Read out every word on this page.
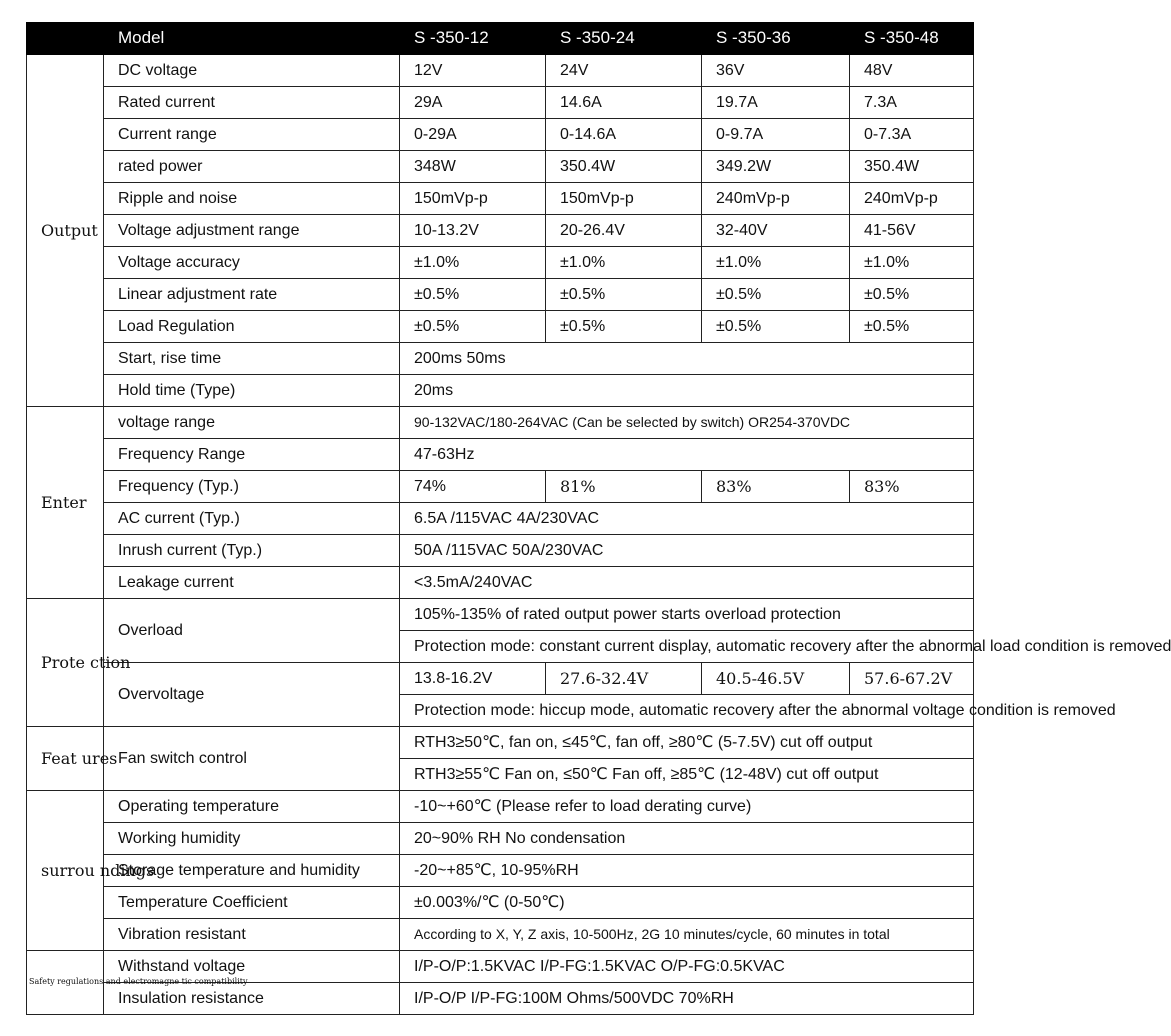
	Model	S -350-12	S -350-24	S -350-36	S -350-48
Output	DC voltage	12V	24V	36V	48V
	Rated current	29A	14.6A	19.7A	7.3A
	Current range	0-29A	0-14.6A	0-9.7A	0-7.3A
	rated power	348W	350.4W	349.2W	350.4W
	Ripple and noise	150mVp-p	150mVp-p	240mVp-p	240mVp-p
	Voltage adjustment range	10-13.2V	20-26.4V	32-40V	41-56V
	Voltage accuracy	±1.0%	±1.0%	±1.0%	±1.0%
	Linear adjustment rate	±0.5%	±0.5%	±0.5%	±0.5%
	Load Regulation	±0.5%	±0.5%	±0.5%	±0.5%
	Start, rise time	200ms 50ms			
	Hold time (Type)	20ms			
Enter	voltage range	90-132VAC/180-264VAC (Can be selected by switch) OR254-370VDC			
	Frequency Range	47-63Hz			
	Frequency (Typ.)	74%	81%	83%	83%
	AC current (Typ.)	6.5A /115VAC 4A/230VAC			
	Inrush current (Typ.)	50A /115VAC 50A/230VAC			
	Leakage current	<3.5mA/240VAC			
Prote ction	Overload	105%-135% of rated output power starts overload protection			
		Protection mode: constant current display, automatic recovery after the abnormal load condition is removed			
	Overvoltage	13.8-16.2V	27.6-32.4V	40.5-46.5V	57.6-67.2V
		Protection mode: hiccup mode, automatic recovery after the abnormal voltage condition is removed			
Feat ures	Fan switch control	RTH3≥50℃, fan on, ≤45℃, fan off, ≥80℃ (5-7.5V) cut off output			
		RTH3≥55℃ Fan on, ≤50℃ Fan off, ≥85℃ (12-48V) cut off output			
surrou ndings	Operating temperature	-10~+60℃ (Please refer to load derating curve)			
	Working humidity	20~90% RH No condensation			
	Storage temperature and humidity	-20~+85℃, 10-95%RH			
	Temperature Coefficient	±0.003%/℃ (0-50℃)			
	Vibration resistant	According to X, Y, Z axis, 10-500Hz, 2G 10 minutes/cycle, 60 minutes in total			
Safety regulations and electromagne tic compatibility	Withstand voltage	I/P-O/P:1.5KVAC I/P-FG:1.5KVAC O/P-FG:0.5KVAC			
	Insulation resistance	I/P-O/P I/P-FG:100M Ohms/500VDC 70%RH			
